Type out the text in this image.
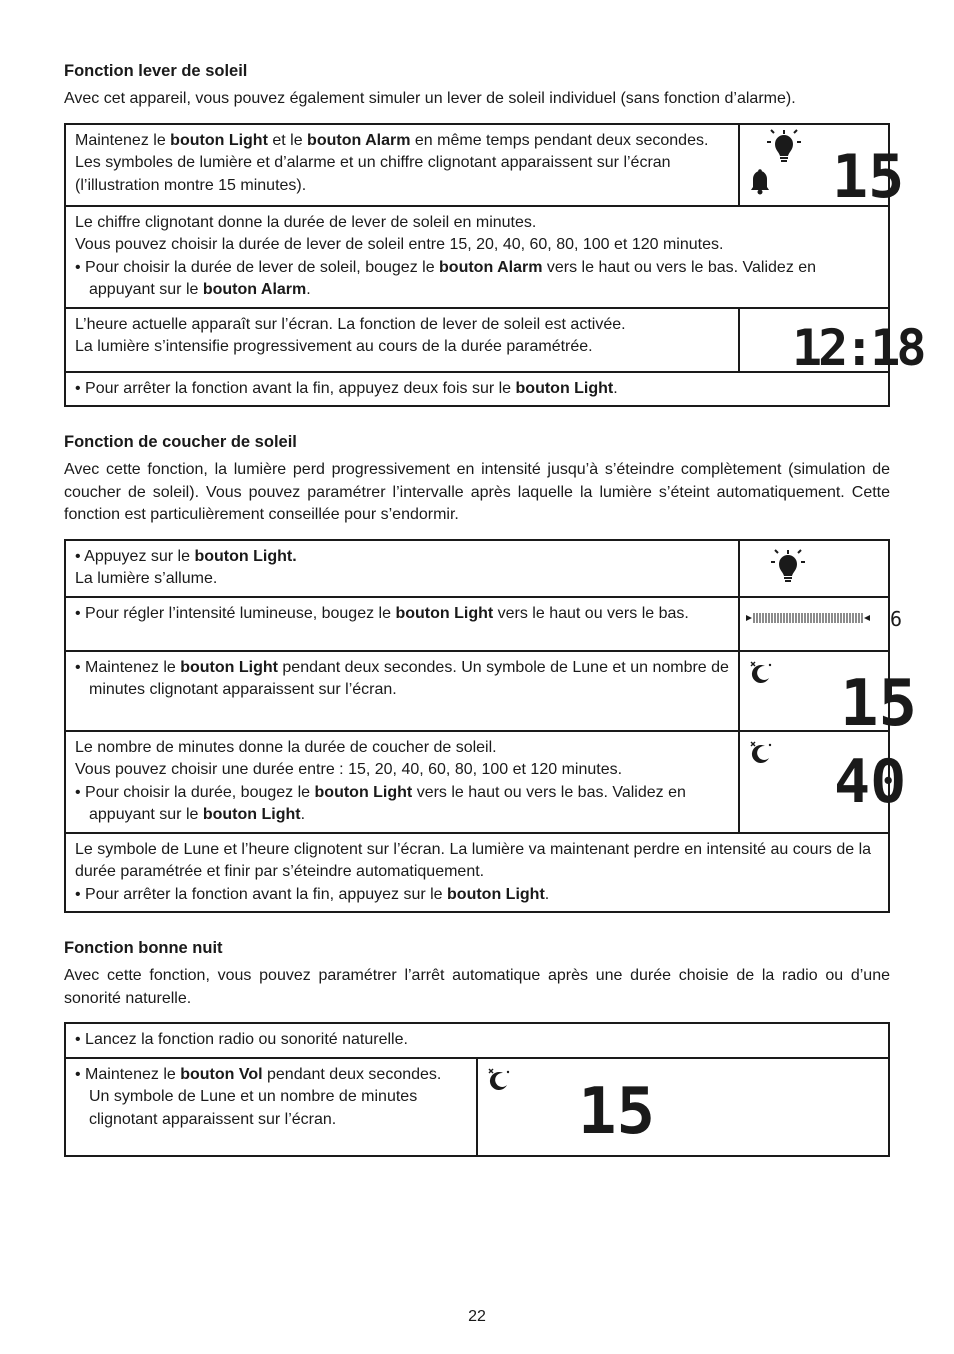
Fonction lever de soleil

Avec cet appareil, vous pouvez également simuler un lever de soleil individuel (sans fonction d’alarme).

Maintenez le bouton Light et le bouton Alarm en même temps pendant deux secondes. Les symboles de lumière et d’alarme et un chiffre clignotant apparaissent sur l’écran (l’illustration montre 15 minutes).	15

Le chiffre clignotant donne la durée de lever de soleil en minutes.
Vous pouvez choisir la durée de lever de soleil entre 15, 20, 40, 60, 80, 100 et 120 minutes.
• Pour choisir la durée de lever de soleil, bougez le bouton Alarm vers le haut ou vers le bas. Validez en appuyant sur le bouton Alarm.	

L’heure actuelle apparaît sur l’écran. La fonction de lever de soleil est activée.
La lumière s’intensifie progressivement au cours de la durée paramétrée.	12:18

• Pour arrêter la fonction avant la fin, appuyez deux fois sur le bouton Light.	
Fonction de coucher de soleil

Avec cette fonction, la lumière perd progressivement en intensité jusqu’à s’éteindre complètement (simulation de coucher de soleil). Vous pouvez paramétrer l’intervalle après laquelle la lumière s’éteint automatiquement. Cette fonction est particulièrement conseillée pour s’endormir.

• Appuyez sur le bouton Light.
La lumière s’allume.

• Pour régler l’intensité lumineuse, bougez le bouton Light vers le haut ou vers le bas.	6

• Maintenez le bouton Light pendant deux secondes. Un symbole de Lune et un nombre de minutes clignotant apparaissent sur l’écran.	15

Le nombre de minutes donne la durée de coucher de soleil.
Vous pouvez choisir une durée entre : 15, 20, 40, 60, 80, 100 et 120 minutes.
• Pour choisir la durée, bougez le bouton Light vers le haut ou vers le bas. Validez en appuyant sur le bouton Light.	40

Le symbole de Lune et l’heure clignotent sur l’écran. La lumière va maintenant perdre en intensité au cours de la durée paramétrée et finir par s’éteindre automatiquement.
• Pour arrêter la fonction avant la fin, appuyez sur le bouton Light.	
Fonction bonne nuit

Avec cette fonction, vous pouvez paramétrer l’arrêt automatique après une durée choisie de la radio ou d’une sonorité naturelle.

• Lancez la fonction radio ou sonorité naturelle.

• Maintenez le bouton Vol pendant deux secondes.
Un symbole de Lune et un nombre de minutes clignotant apparaissent sur l’écran.	15
22
